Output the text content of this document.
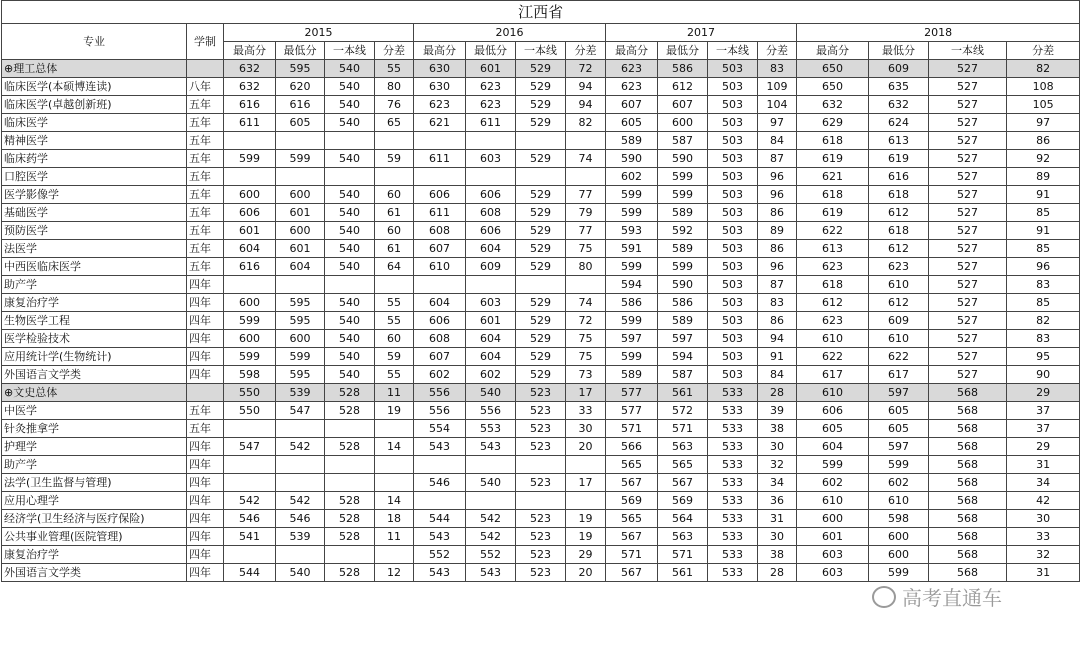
江西省																	
专业	学制	2015				2016				2017				2018			
		最高分	最低分	一本线	分差	最高分	最低分	一本线	分差	最高分	最低分	一本线	分差	最高分	最低分	一本线	分差
⊕理工总体		632	595	540	55	630	601	529	72	623	586	503	83	650	609	527	82
临床医学(本硕博连读)	八年	632	620	540	80	630	623	529	94	623	612	503	109	650	635	527	108
临床医学(卓越创新班)	五年	616	616	540	76	623	623	529	94	607	607	503	104	632	632	527	105
临床医学	五年	611	605	540	65	621	611	529	82	605	600	503	97	629	624	527	97
精神医学	五年									589	587	503	84	618	613	527	86
临床药学	五年	599	599	540	59	611	603	529	74	590	590	503	87	619	619	527	92
口腔医学	五年									602	599	503	96	621	616	527	89
医学影像学	五年	600	600	540	60	606	606	529	77	599	599	503	96	618	618	527	91
基础医学	五年	606	601	540	61	611	608	529	79	599	589	503	86	619	612	527	85
预防医学	五年	601	600	540	60	608	606	529	77	593	592	503	89	622	618	527	91
法医学	五年	604	601	540	61	607	604	529	75	591	589	503	86	613	612	527	85
中西医临床医学	五年	616	604	540	64	610	609	529	80	599	599	503	96	623	623	527	96
助产学	四年									594	590	503	87	618	610	527	83
康复治疗学	四年	600	595	540	55	604	603	529	74	586	586	503	83	612	612	527	85
生物医学工程	四年	599	595	540	55	606	601	529	72	599	589	503	86	623	609	527	82
医学检验技术	四年	600	600	540	60	608	604	529	75	597	597	503	94	610	610	527	83
应用统计学(生物统计)	四年	599	599	540	59	607	604	529	75	599	594	503	91	622	622	527	95
外国语言文学类	四年	598	595	540	55	602	602	529	73	589	587	503	84	617	617	527	90
⊕文史总体		550	539	528	11	556	540	523	17	577	561	533	28	610	597	568	29
中医学	五年	550	547	528	19	556	556	523	33	577	572	533	39	606	605	568	37
针灸推拿学	五年					554	553	523	30	571	571	533	38	605	605	568	37
护理学	四年	547	542	528	14	543	543	523	20	566	563	533	30	604	597	568	29
助产学	四年									565	565	533	32	599	599	568	31
法学(卫生监督与管理)	四年					546	540	523	17	567	567	533	34	602	602	568	34
应用心理学	四年	542	542	528	14					569	569	533	36	610	610	568	42
经济学(卫生经济与医疗保险)	四年	546	546	528	18	544	542	523	19	565	564	533	31	600	598	568	30
公共事业管理(医院管理)	四年	541	539	528	11	543	542	523	19	567	563	533	30	601	600	568	33
康复治疗学	四年					552	552	523	29	571	571	533	38	603	600	568	32
外国语言文学类	四年	544	540	528	12	543	543	523	20	567	561	533	28	603	599	568	31
高考直通车
